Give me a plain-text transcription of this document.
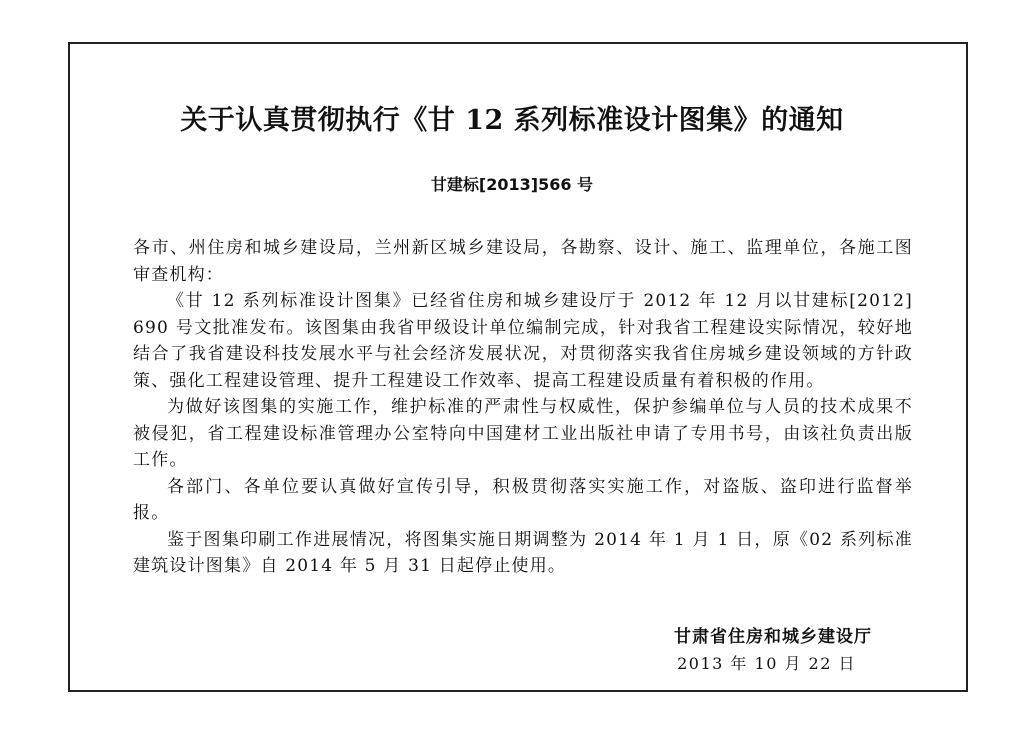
关于认真贯彻执行《甘 12 系列标准设计图集》的通知
甘建标[2013]566 号

各市、州住房和城乡建设局，兰州新区城乡建设局，各勘察、设计、施工、监理单位，各施工图审查机构：

《甘 12 系列标准设计图集》已经省住房和城乡建设厅于 2012 年 12 月以甘建标[2012] 690 号文批准发布。该图集由我省甲级设计单位编制完成，针对我省工程建设实际情况，较好地结合了我省建设科技发展水平与社会经济发展状况，对贯彻落实我省住房城乡建设领域的方针政策、强化工程建设管理、提升工程建设工作效率、提高工程建设质量有着积极的作用。

为做好该图集的实施工作，维护标准的严肃性与权威性，保护参编单位与人员的技术成果不被侵犯，省工程建设标准管理办公室特向中国建材工业出版社申请了专用书号，由该社负责出版工作。

各部门、各单位要认真做好宣传引导，积极贯彻落实实施工作，对盗版、盗印进行监督举报。

鉴于图集印刷工作进展情况，将图集实施日期调整为 2014 年 1 月 1 日，原《02 系列标准建筑设计图集》自 2014 年 5 月 31 日起停止使用。

甘肃省住房和城乡建设厅
2013 年 10 月 22 日
